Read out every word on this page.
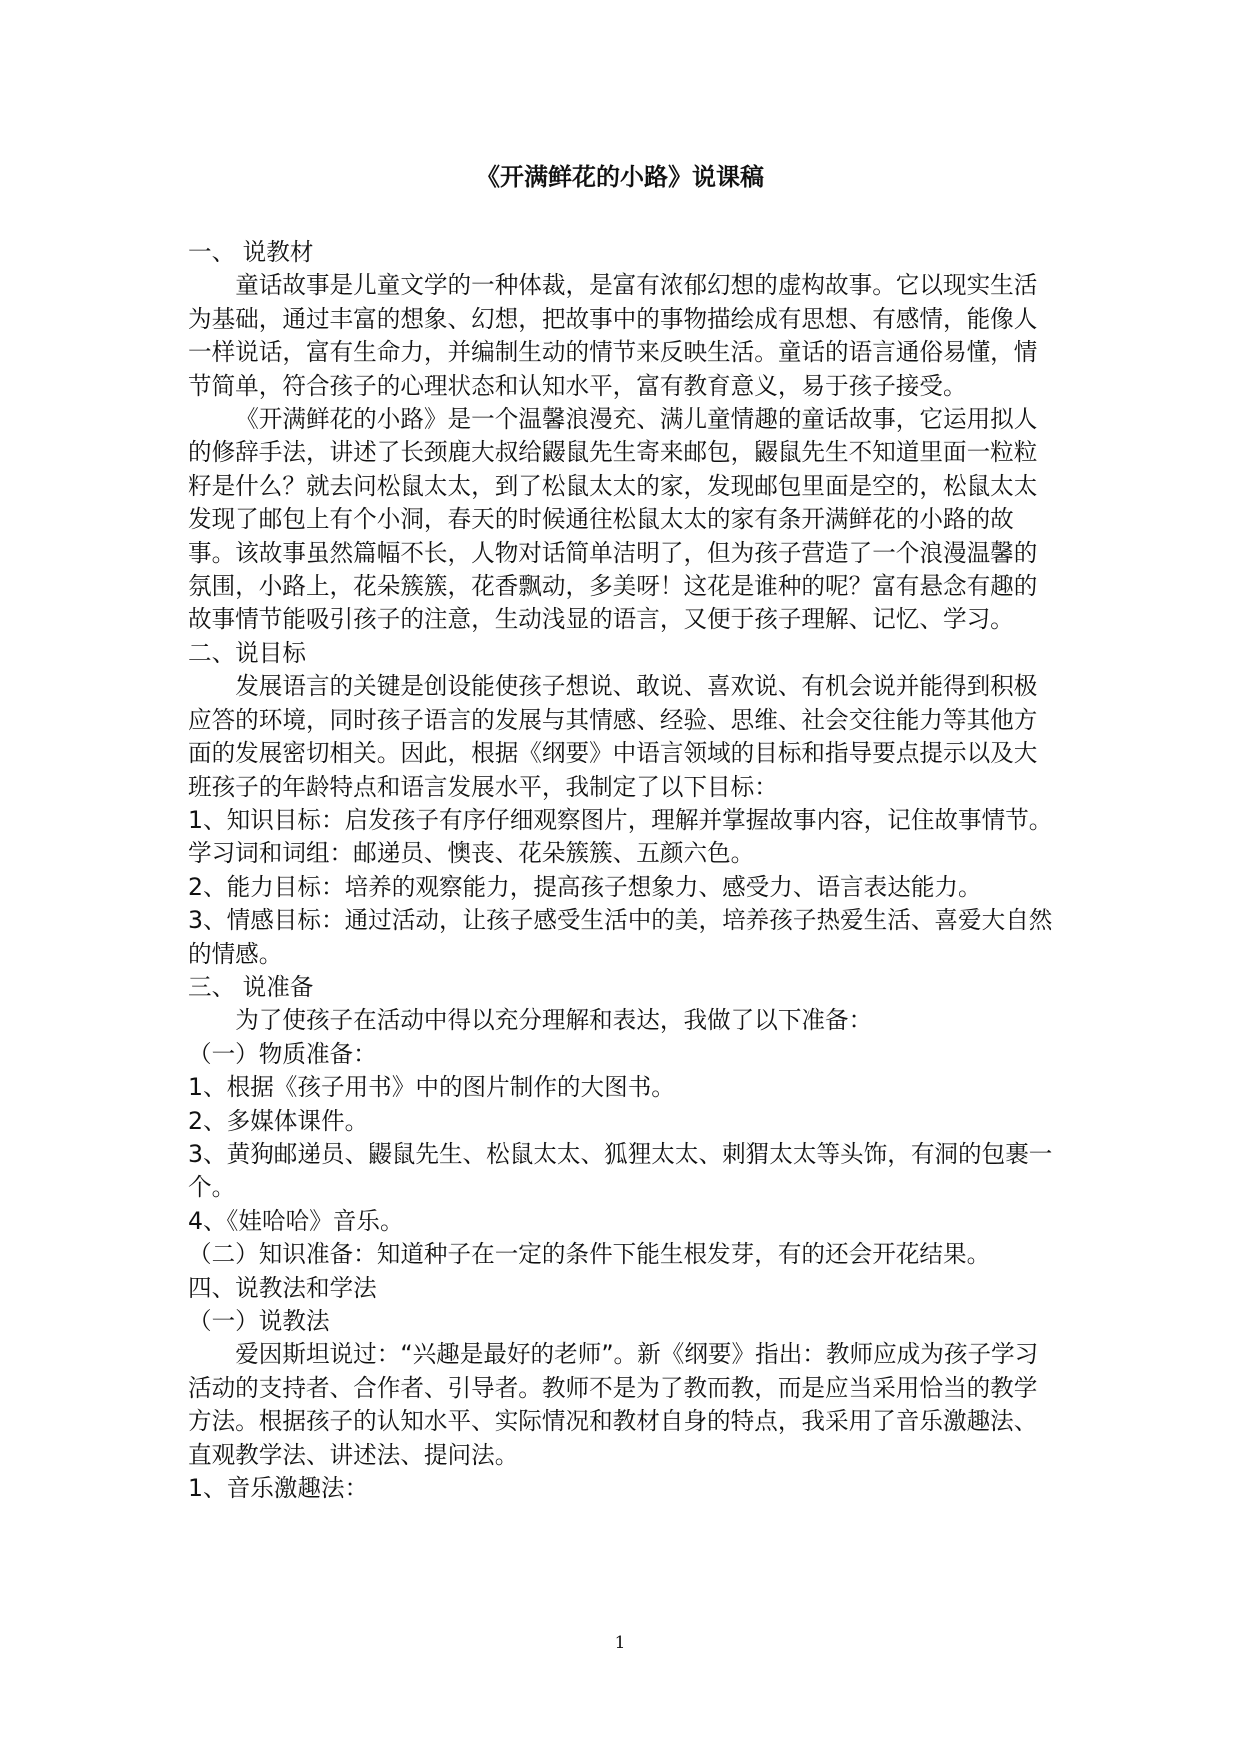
《开满鲜花的小路》说课稿

一、 说教材

童话故事是儿童文学的一种体裁，是富有浓郁幻想的虚构故事。它以现实生活为基础，通过丰富的想象、幻想，把故事中的事物描绘成有思想、有感情，能像人一样说话，富有生命力，并编制生动的情节来反映生活。童话的语言通俗易懂，情节简单，符合孩子的心理状态和认知水平，富有教育意义，易于孩子接受。

《开满鲜花的小路》是一个温馨浪漫充、满儿童情趣的童话故事，它运用拟人的修辞手法，讲述了长颈鹿大叔给鼹鼠先生寄来邮包，鼹鼠先生不知道里面一粒粒籽是什么？就去问松鼠太太，到了松鼠太太的家，发现邮包里面是空的，松鼠太太发现了邮包上有个小洞，春天的时候通往松鼠太太的家有条开满鲜花的小路的故事。该故事虽然篇幅不长，人物对话简单洁明了，但为孩子营造了一个浪漫温馨的氛围，小路上，花朵簇簇，花香飘动，多美呀！这花是谁种的呢？富有悬念有趣的故事情节能吸引孩子的注意，生动浅显的语言，又便于孩子理解、记忆、学习。

二、说目标

发展语言的关键是创设能使孩子想说、敢说、喜欢说、有机会说并能得到积极应答的环境，同时孩子语言的发展与其情感、经验、思维、社会交往能力等其他方面的发展密切相关。因此，根据《纲要》中语言领域的目标和指导要点提示以及大班孩子的年龄特点和语言发展水平，我制定了以下目标：

1、知识目标：启发孩子有序仔细观察图片，理解并掌握故事内容，记住故事情节。学习词和词组：邮递员、懊丧、花朵簇簇、五颜六色。

2、能力目标：培养的观察能力，提高孩子想象力、感受力、语言表达能力。

3、情感目标：通过活动，让孩子感受生活中的美，培养孩子热爱生活、喜爱大自然的情感。

三、 说准备

为了使孩子在活动中得以充分理解和表达，我做了以下准备：

（一）物质准备：

1、根据《孩子用书》中的图片制作的大图书。

2、多媒体课件。

3、黄狗邮递员、鼹鼠先生、松鼠太太、狐狸太太、刺猬太太等头饰，有洞的包裹一个。

4、《娃哈哈》音乐。

（二）知识准备：知道种子在一定的条件下能生根发芽，有的还会开花结果。

四、说教法和学法

（一）说教法

爱因斯坦说过：“兴趣是最好的老师”。新《纲要》指出：教师应成为孩子学习活动的支持者、合作者、引导者。教师不是为了教而教，而是应当采用恰当的教学方法。根据孩子的认知水平、实际情况和教材自身的特点，我采用了音乐激趣法、直观教学法、讲述法、提问法。

1、音乐激趣法：

1
